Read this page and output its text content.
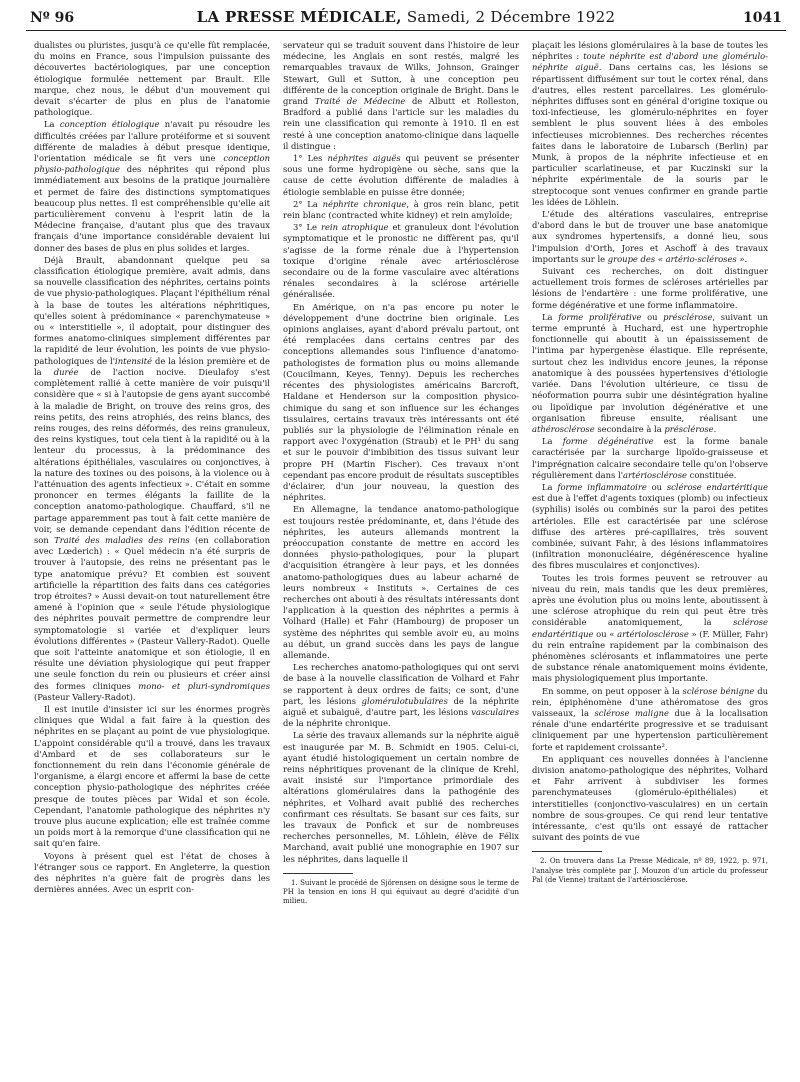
Nº 96	LA PRESSE MÉDICALE, Samedi, 2 Décembre 1922	1041

dualistes ou pluristes, jusqu'à ce qu'elle fût remplacée, du moins en France, sous l'impulsion puissante des découvertes bactériologiques, par une conception étiologique formulée nettement par Brault. Elle marque, chez nous, le début d'un mouvement qui devait s'écarter de plus en plus de l'anatomie pathologique.

La conception étiologique n'avait pu résoudre les difficultés créées par l'allure protéiforme et si souvent différente de maladies à début presque identique, l'orientation médicale se fit vers une conception physio-pathologique des néphrites qui répond plus immédiatement aux besoins de la pratique journalière et permet de faire des distinctions symptomatiques beaucoup plus nettes. Il est compréhensible qu'elle ait particulièrement convenu à l'esprit latin de la Médecine française, d'autant plus que des travaux français d'une importance considérable devaient lui donner des bases de plus en plus solides et larges.

Déjà Brault, abandonnant quelque peu sa classification étiologique première, avait admis, dans sa nouvelle classification des néphrites, certains points de vue physio-pathologiques. Plaçant l'épithélium rénal à la base de toutes les altérations néphritiques, qu'elles soient à prédominance « parenchymateuse » ou « interstitielle », il adoptait, pour distinguer des formes anatomo-cliniques simplement différentes par la rapidité de leur évolution, les points de vue physio-pathologiques de l'intensité de la lésion première et de la durée de l'action nocive. Dieulafoy s'est complètement rallié à cette manière de voir puisqu'il considère que « si à l'autopsie de gens ayant succombé à la maladie de Bright, on trouve des reins gros, des reins petits, des reins atrophiés, des reins blancs, des reins rouges, des reins déformés, des reins granuleux, des reins kystiques, tout cela tient à la rapidité ou à la lenteur du processus, à la prédominance des altérations épithéliales, vasculaires ou conjonctives, à la nature des toxines ou des poisons, à la violence ou à l'atténuation des agents infectieux ». C'était en somme prononcer en termes élégants la faillite de la conception anatomo-pathologique. Chauffard, s'il ne partage apparemment pas tout à fait cette manière de voir, se demande cependant dans l'édition récente de son Traité des maladies des reins (en collaboration avec Lœderich) : « Quel médecin n'a été surpris de trouver à l'autopsie, des reins ne présentant pas le type anatomique prévu? Et combien est souvent artificielle la répartition des faits dans ces catégories trop étroites? » Aussi devait-on tout naturellement être amené à l'opinion que « seule l'étude physiologique des néphrites pouvait permettre de comprendre leur symptomatologie si variée et d'expliquer leurs évolutions différentes » (Pasteur Vallery-Radot). Quelle que soit l'atteinte anatomique et son étiologie, il en résulte une déviation physiologique qui peut frapper une seule fonction du rein ou plusieurs et créer ainsi des formes cliniques mono- et pluri-syndromiques (Pasteur Vallery-Radot).

Il est inutile d'insister ici sur les énormes progrès cliniques que Widal a fait faire à la question des néphrites en se plaçant au point de vue physiologique. L'appoint considérable qu'il a trouvé, dans les travaux d'Ambard et de ses collaborateurs sur le fonctionnement du rein dans l'économie générale de l'organisme, a élargi encore et affermi la base de cette conception physio-pathologique des néphrites créée presque de toutes pièces par Widal et son école. Cependant, l'anatomie pathologique des néphrites n'y trouve plus aucune explication; elle est traînée comme un poids mort à la remorque d'une classification qui ne sait qu'en faire.

Voyons à présent quel est l'état de choses à l'étranger sous ce rapport. En Angleterre, la question des néphrites n'a guère fait de progrès dans les dernières années. Avec un esprit con-

servateur qui se traduit souvent dans l'histoire de leur médecine, les Anglais en sont restés, malgré les remarquables travaux de Wilks, Johnson, Grainger Stewart, Gull et Sutton, à une conception peu différente de la conception originale de Bright. Dans le grand Traité de Médecine de Albutt et Rolleston, Bradford a publié dans l'article sur les maladies du rein une classification qui remonte à 1910. Il en est resté à une conception anatomo-clinique dans laquelle il distingue :

1° Les néphrites aiguës qui peuvent se présenter sous une forme hydropigène ou sèche, sans que la cause de cette évolution différente de maladies à étiologie semblable en puisse être donnée;

2° La néphrite chronique, à gros rein blanc, petit rein blanc (contracted white kidney) et rein amyloïde;

3° Le rein atrophique et granuleux dont l'évolution symptomatique et le pronostic ne diffèrent pas, qu'il s'agisse de la forme rénale due à l'hypertension toxique d'origine rénale avec artériosclérose secondaire ou de la forme vasculaire avec altérations rénales secondaires à la sclérose artérielle généralisée.

En Amérique, on n'a pas encore pu noter le développement d'une doctrine bien originale. Les opinions anglaises, ayant d'abord prévalu partout, ont été remplacées dans certains centres par des conceptions allemandes sous l'influence d'anatomo-pathologistes de formation plus ou moins allemande (Coucilmann, Keyes, Tenny). Depuis les recherches récentes des physiologistes américains Barcroft, Haldane et Henderson sur la composition physico-chimique du sang et son influence sur les échanges tissulaires, certains travaux très intéressants ont été publiés sur la physiologie de l'élimination rénale en rapport avec l'oxygénation (Straub) et le PH¹ du sang et sur le pouvoir d'imbibition des tissus suivant leur propre PH (Martin Fischer). Ces travaux n'ont cependant pas encore produit de résultats susceptibles d'éclairer, d'un jour nouveau, la question des néphrites.

En Allemagne, la tendance anatomo-pathologique est toujours restée prédominante, et, dans l'étude des néphrites, les auteurs allemands montrent la préoccupation constante de mettre en accord les données physio-pathologiques, pour la plupart d'acquisition étrangère à leur pays, et les données anatomo-pathologiques dues au labeur acharné de leurs nombreux « Instituts ». Certaines de ces recherches ont abouti à des résultats intéressants dont l'application à la question des néphrites a permis à Volhard (Halle) et Fahr (Hambourg) de proposer un système des néphrites qui semble avoir eu, au moins au début, un grand succès dans les pays de langue allemande.

Les recherches anatomo-pathologiques qui ont servi de base à la nouvelle classification de Volhard et Fahr se rapportent à deux ordres de faits; ce sont, d'une part, les lésions glomérulotubulaires de la néphrite aiguë et subaiguë, d'autre part, les lésions vasculaires de la néphrite chronique.

La série des travaux allemands sur la néphrite aiguë est inaugurée par M. B. Schmidt en 1905. Celui-ci, ayant étudié histologiquement un certain nombre de reins néphritiques provenant de la clinique de Krehl, avait insisté sur l'importance primordiale des altérations glomérulaires dans la pathogénie des néphrites, et Volhard avait publié des recherches confirmant ces résultats. Se basant sur ces faits, sur les travaux de Ponfick et sur de nombreuses recherches personnelles, M. Löhlein, élève de Félix Marchand, avait publié une monographie en 1907 sur les néphrites, dans laquelle il

1. Suivant le procédé de Sjörensen on désigne sous le terme de PH la tension en ions H qui équivaut au degré d'acidité d'un milieu.

plaçait les lésions glomérulaires à la base de toutes les néphrites : toute néphrite est d'abord une glomérulo-néphrite aiguë. Dans certains cas, les lésions se répartissent diffusément sur tout le cortex rénal, dans d'autres, elles restent parcellaires. Les glomérulo-néphrites diffuses sont en général d'origine toxique ou toxi-infectieuse, les glomérulo-néphrites en foyer semblent le plus souvent liées à des emboles infectieuses microbiennes. Des recherches récentes faites dans le laboratoire de Lubarsch (Berlin) par Munk, à propos de la néphrite infectieuse et en particulier scarlatineuse, et par Kuczinski sur la néphrite expérimentale de la souris par le streptocoque sont venues confirmer en grande partie les idées de Löhlein.

L'étude des altérations vasculaires, entreprise d'abord dans le but de trouver une base anatomique aux syndromes hypertensifs, a donné lieu, sous l'impulsion d'Orth, Jores et Aschoff à des travaux importants sur le groupe des « artério-scléroses ».

Suivant ces recherches, on doit distinguer actuellement trois formes de scléroses artérielles par lésions de l'endartère : une forme proliférative, une forme dégénérative et une forme inflammatoire.

La forme proliférative ou présclérose, suivant un terme emprunté à Huchard, est une hypertrophie fonctionnelle qui aboutit à un épaississement de l'intima par hypergenèse élastique. Elle représente, surtout chez les individus encore jeunes, la réponse anatomique à des poussées hypertensives d'étiologie variée. Dans l'évolution ultérieure, ce tissu de néoformation pourra subir une désintégration hyaline ou lipoïdique par involution dégénérative et une organisation fibreuse ensuite, réalisant une athérosclérose secondaire à la présclérose.

La forme dégénérative est la forme banale caractérisée par la surcharge lipoïdo-graisseuse et l'imprégnation calcaire secondaire telle qu'on l'observe régulièrement dans l'artériosclérose constituée.

La forme inflammatoire ou sclérose endartéritique est due à l'effet d'agents toxiques (plomb) ou infectieux (syphilis) isolés ou combinés sur la paroi des petites artérioles. Elle est caractérisée par une sclérose diffuse des artères pré-capillaires, très souvent combinée, suivant Fahr, à des lésions inflammatoires (infiltration mononucléaire, dégénérescence hyaline des fibres musculaires et conjonctives).

Toutes les trois formes peuvent se retrouver au niveau du rein, mais tandis que les deux premières, après une évolution plus ou moins lente, aboutissent à une sclérose atrophique du rein qui peut être très considérable anatomiquement, la sclérose endartéritique ou « artériolosclérose » (F. Müller, Fahr) du rein entraîne rapidement par la combinaison des phénomènes sclérosants et inflammatoires une perte de substance rénale anatomiquement moins évidente, mais physiologiquement plus importante.

En somme, on peut opposer à la sclérose bénigne du rein, épiphénomène d'une athéromatose des gros vaisseaux, la sclérose maligne due à la localisation rénale d'une endartérite progressive et se traduisant cliniquement par une hypertension particulièrement forte et rapidement croissante².

En appliquant ces nouvelles données à l'ancienne division anatomo-pathologique des néphrites, Volhard et Fahr arrivent à subdiviser les formes parenchymateuses (glomérulo-épithéliales) et interstitielles (conjonctivo-vasculaires) en un certain nombre de sous-groupes. Ce qui rend leur tentative intéressante, c'est qu'ils ont essayé de rattacher suivant des points de vue

2. On trouvera dans La Presse Médicale, nº 89, 1922, p. 971, l'analyse très complète par J. Mouzon d'un article du professeur Pal (de Vienne) traitant de l'artériosclérose.
